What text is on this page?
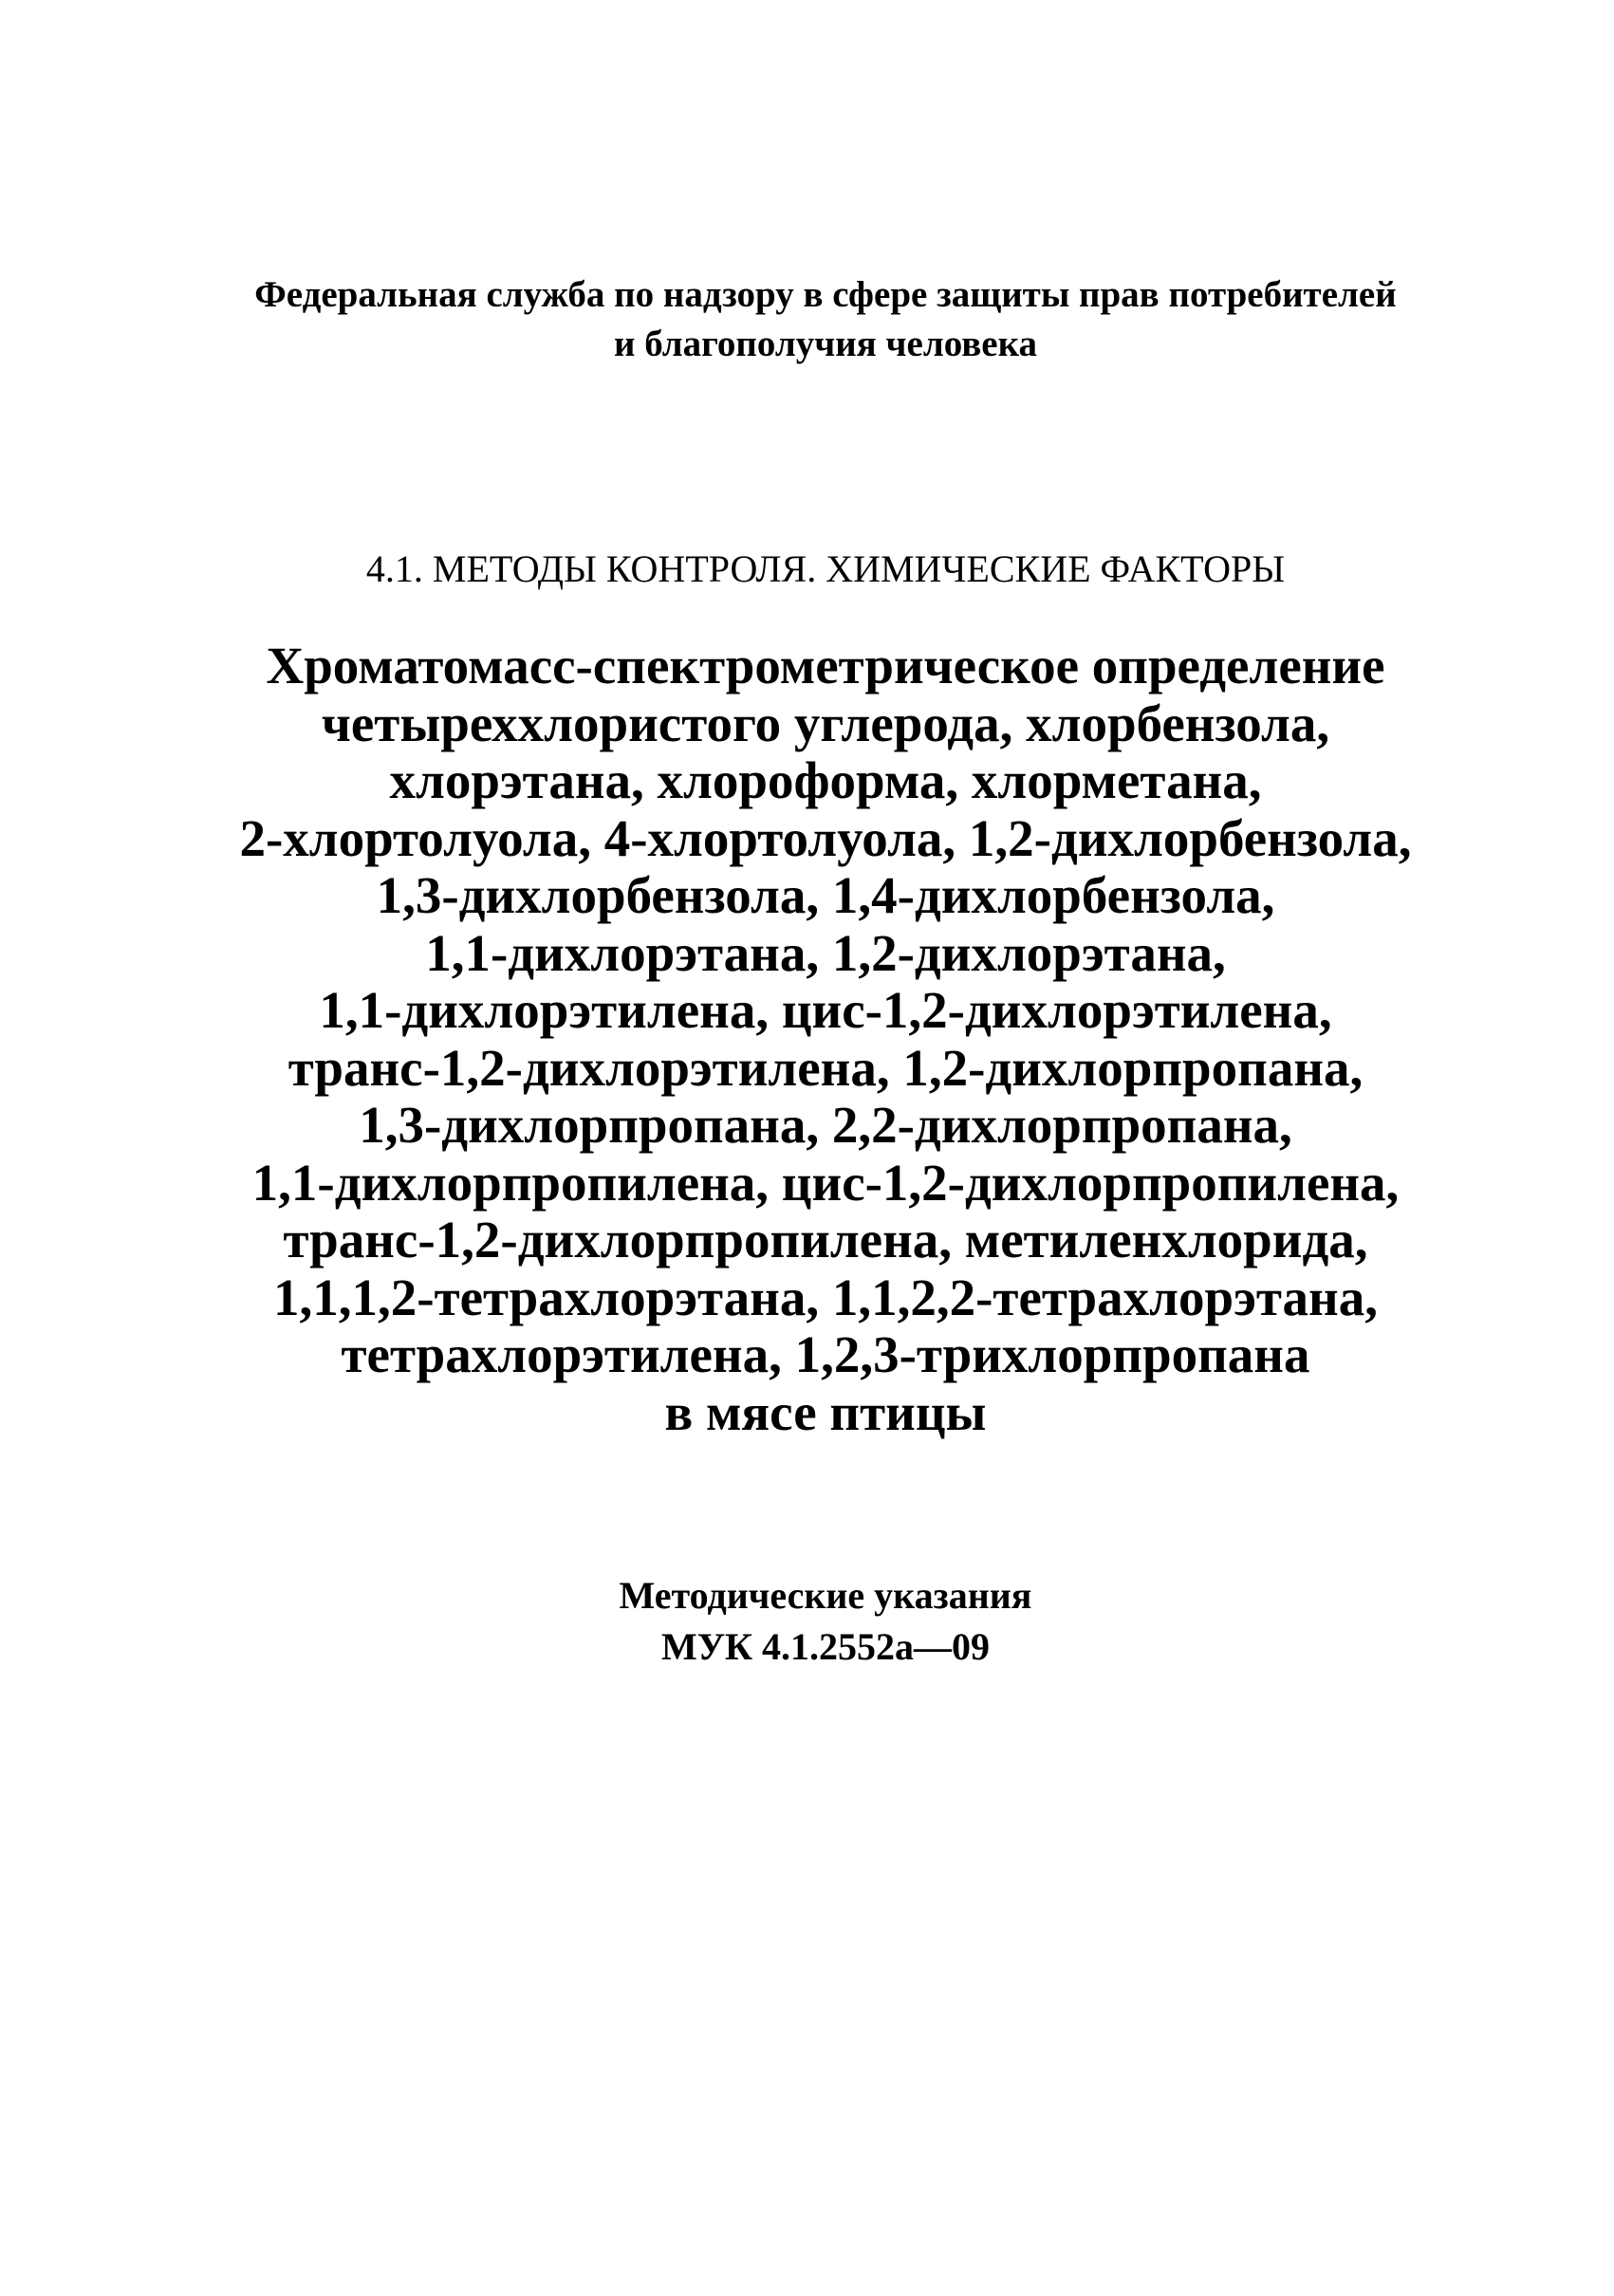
Федеральная служба по надзору в сфере защиты прав потребителей
и благополучия человека
4.1. МЕТОДЫ КОНТРОЛЯ. ХИМИЧЕСКИЕ ФАКТОРЫ
Хроматомасс-спектрометрическое определение
четыреххлористого углерода, хлорбензола,
хлорэтана, хлороформа, хлорметана,
2-хлортолуола, 4-хлортолуола, 1,2-дихлорбензола,
1,3-дихлорбензола, 1,4-дихлорбензола,
1,1-дихлорэтана, 1,2-дихлорэтана,
1,1-дихлорэтилена, цис-1,2-дихлорэтилена,
транс-1,2-дихлорэтилена, 1,2-дихлорпропана,
1,3-дихлорпропана, 2,2-дихлорпропана,
1,1-дихлорпропилена, цис-1,2-дихлорпропилена,
транс-1,2-дихлорпропилена, метиленхлорида,
1,1,1,2-тетрахлорэтана, 1,1,2,2-тетрахлорэтана,
тетрахлорэтилена, 1,2,3-трихлорпропана
в мясе птицы
Методические указания
МУК 4.1.2552а—09
